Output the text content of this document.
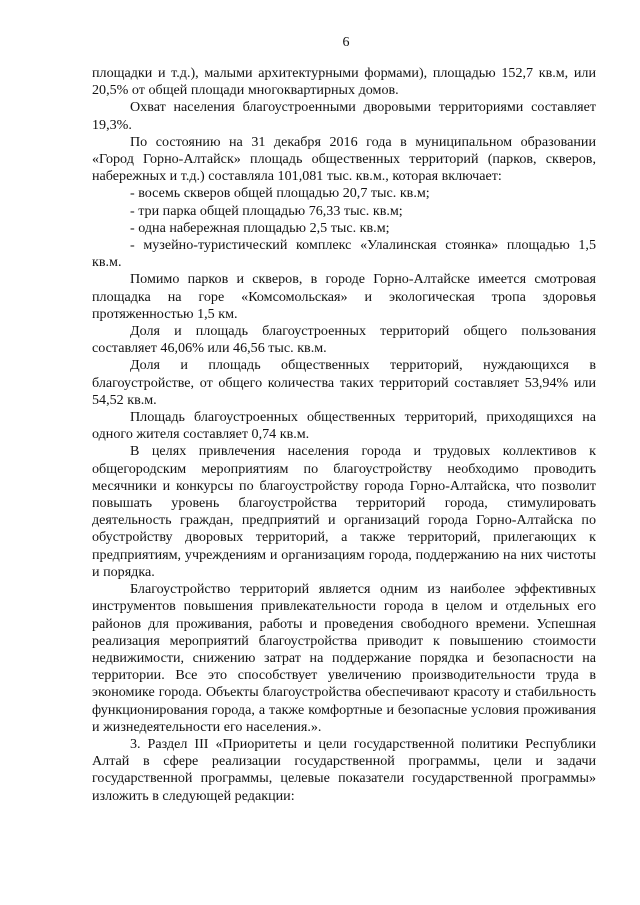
6

площадки и т.д.), малыми архитектурными формами), площадью 152,7 кв.м, или 20,5% от общей площади многоквартирных домов.

Охват населения благоустроенными дворовыми территориями составляет 19,3%.

По состоянию на 31 декабря 2016 года в муниципальном образовании «Город Горно-Алтайск» площадь общественных территорий (парков, скверов, набережных и т.д.) составляла 101,081 тыс. кв.м., которая включает:

- восемь скверов общей площадью 20,7 тыс. кв.м;

- три парка общей площадью 76,33 тыс. кв.м;

- одна набережная площадью 2,5 тыс. кв.м;

- музейно-туристический комплекс «Улалинская стоянка» площадью 1,5 кв.м.

Помимо парков и скверов, в городе Горно-Алтайске имеется смотровая площадка на горе «Комсомольская» и экологическая тропа здоровья протяженностью 1,5 км.

Доля и площадь благоустроенных территорий общего пользования составляет 46,06% или 46,56 тыс. кв.м.

Доля и площадь общественных территорий, нуждающихся в благоустройстве, от общего количества таких территорий составляет 53,94% или 54,52 кв.м.

Площадь благоустроенных общественных территорий, приходящихся на одного жителя составляет 0,74 кв.м.

В целях привлечения населения города и трудовых коллективов к общегородским мероприятиям по благоустройству необходимо проводить месячники и конкурсы по благоустройству города Горно-Алтайска, что позволит повышать уровень благоустройства территорий города, стимулировать деятельность граждан, предприятий и организаций города Горно-Алтайска по обустройству дворовых территорий, а также территорий, прилегающих к предприятиям, учреждениям и организациям города, поддержанию на них чистоты и порядка.

Благоустройство территорий является одним из наиболее эффективных инструментов повышения привлекательности города в целом и отдельных его районов для проживания, работы и проведения свободного времени. Успешная реализация мероприятий благоустройства приводит к повышению стоимости недвижимости, снижению затрат на поддержание порядка и безопасности на территории. Все это способствует увеличению производительности труда в экономике города. Объекты благоустройства обеспечивают красоту и стабильность функционирования города, а также комфортные и безопасные условия проживания и жизнедеятельности его населения.».

3. Раздел III «Приоритеты и цели государственной политики Республики Алтай в сфере реализации государственной программы, цели и задачи государственной программы, целевые показатели государственной программы» изложить в следующей редакции:
